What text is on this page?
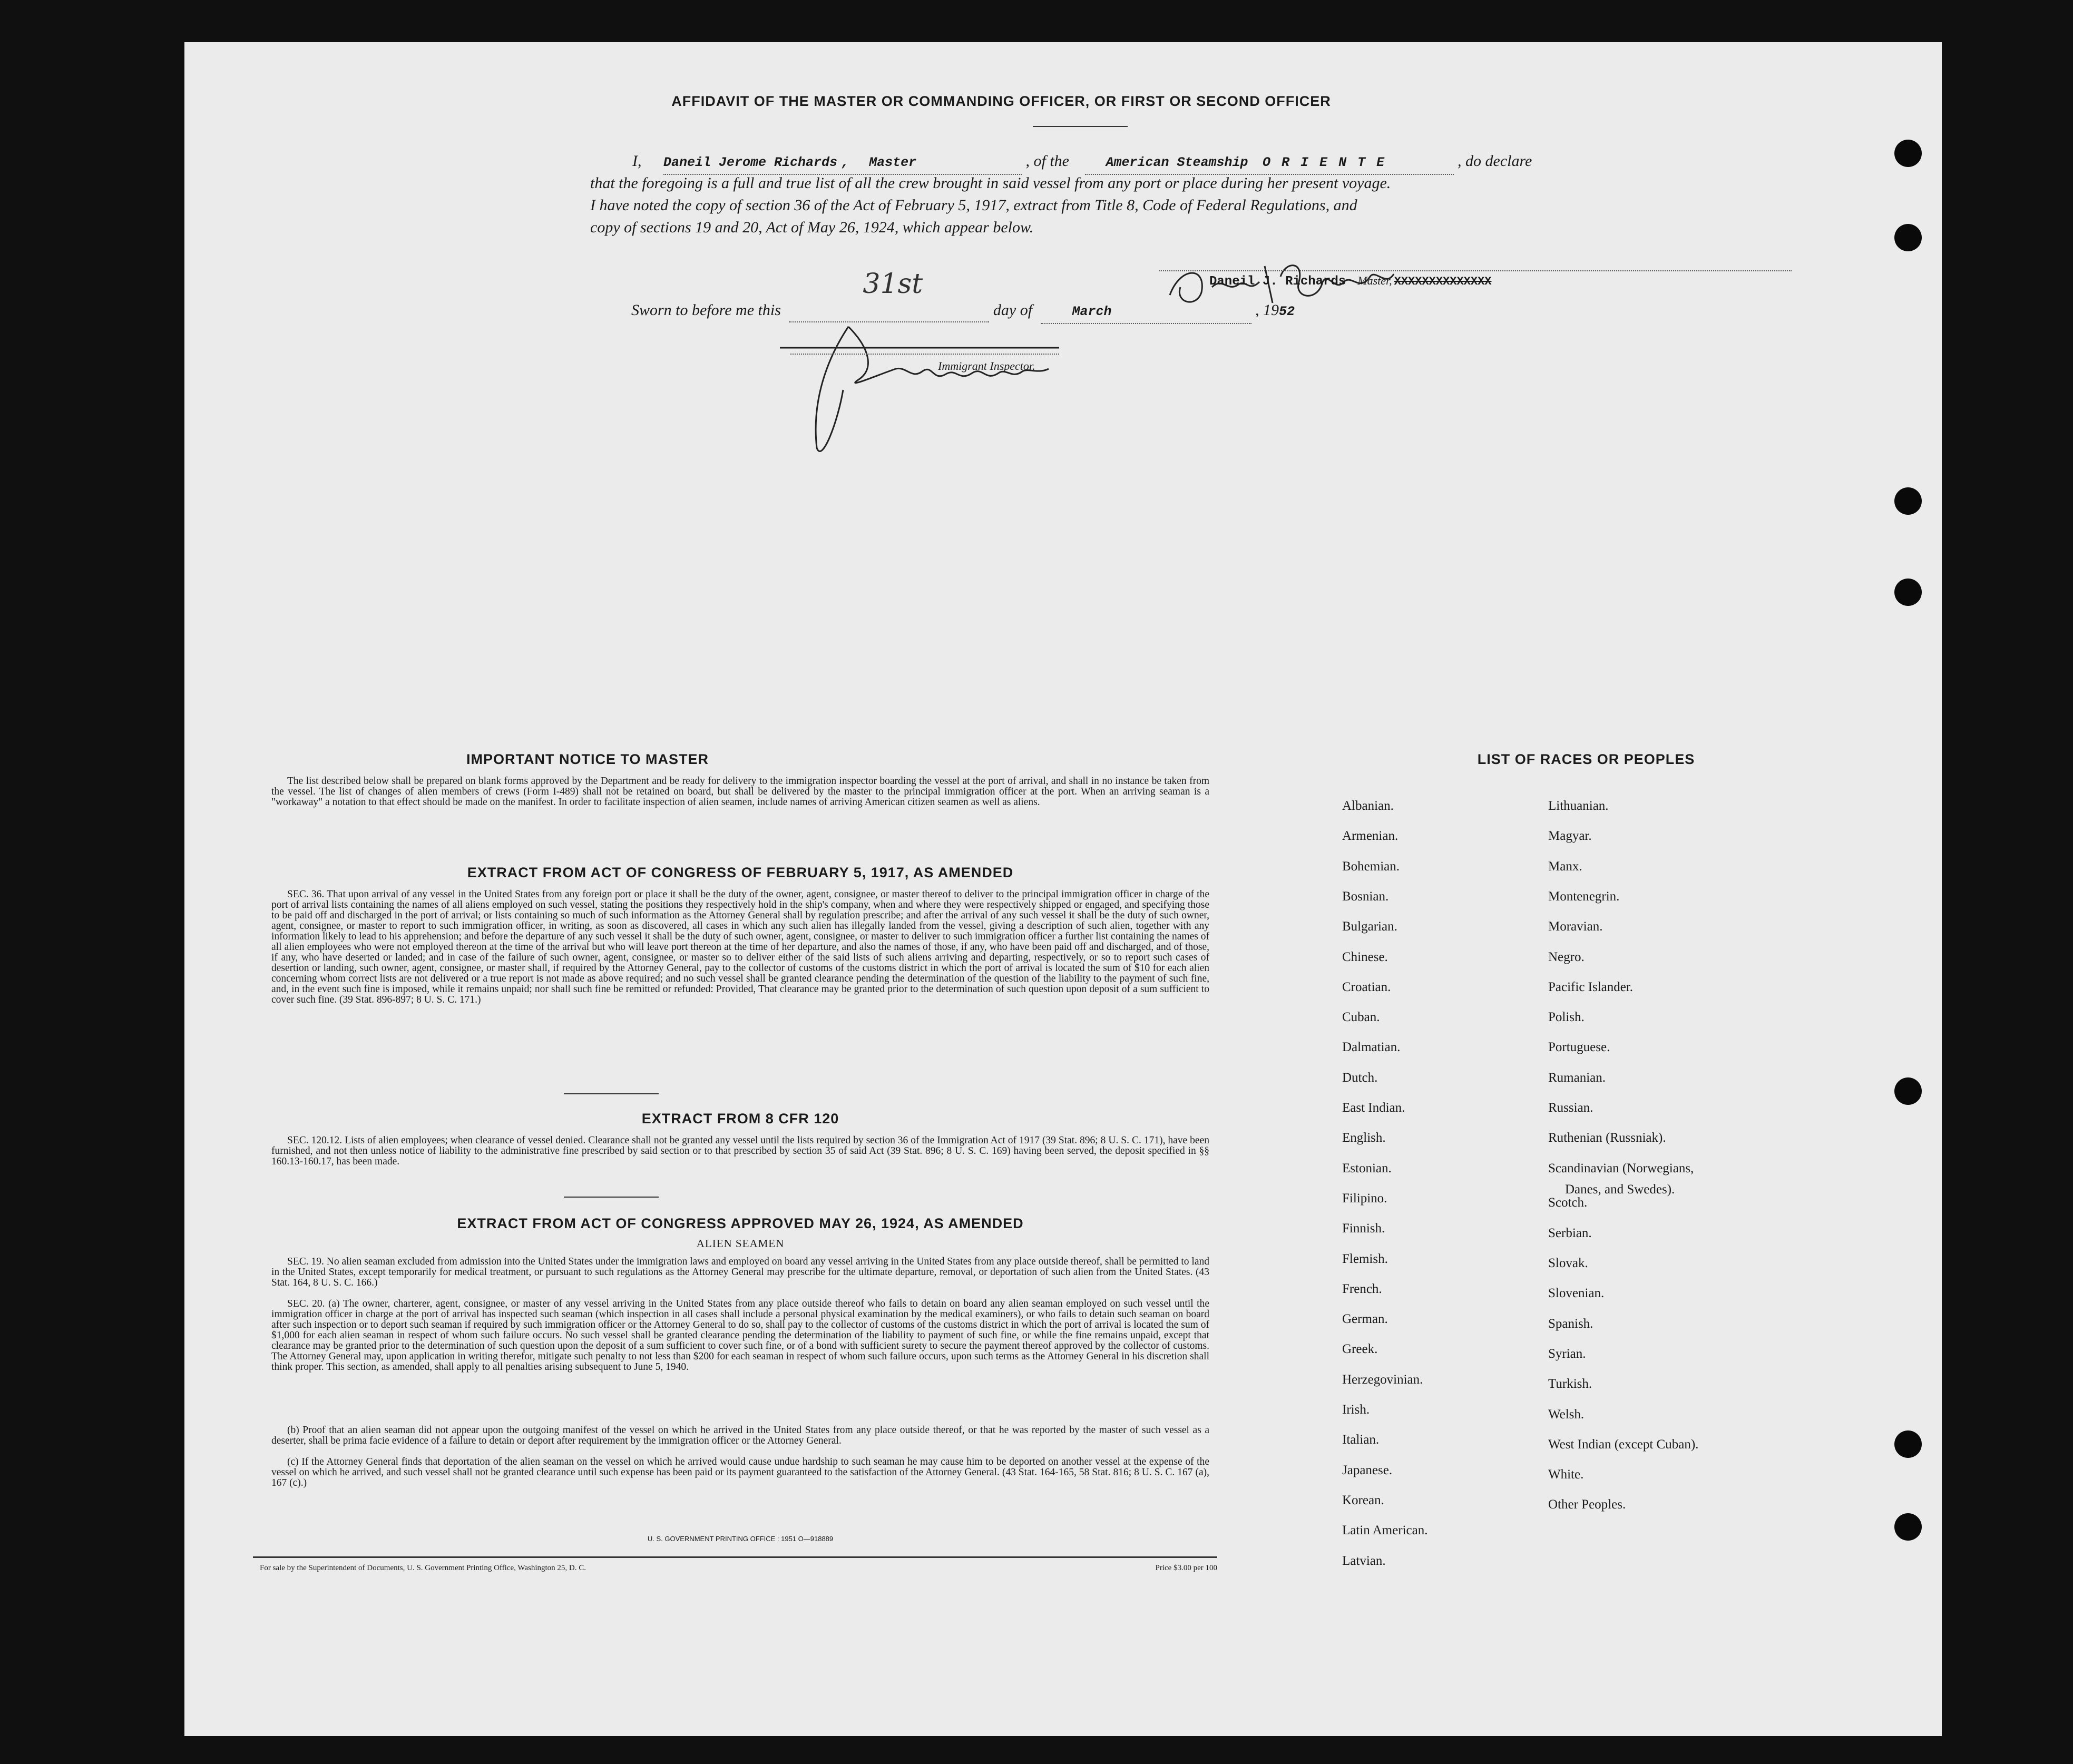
AFFIDAVIT OF THE MASTER OR COMMANDING OFFICER, OR FIRST OR SECOND OFFICER
I, Daneil Jerome Richards , Master	, of the	American Steamship O R I E N T E	, do declare
that the foregoing is a full and true list of all the crew brought in said vessel from any port or place during her present voyage.
I have noted the copy of section 36 of the Act of February 5, 1917, extract from Title 8, Code of Federal Regulations, and
copy of sections 19 and 20, Act of May 26, 1924, which appear below.
Daneil J. Richards Master, XXXXXXXXXXXXXX
Sworn to before me this
31st
day of	March	, 1952
Immigrant Inspector.
IMPORTANT NOTICE TO MASTER
The list described below shall be prepared on blank forms approved by the Department and be ready for delivery to the immigration inspector boarding the vessel at the port of arrival, and shall in no instance be taken from the vessel. The list of changes of alien members of crews (Form I-489) shall not be retained on board, but shall be delivered by the master to the principal immigration officer at the port. When an arriving seaman is a "workaway" a notation to that effect should be made on the manifest. In order to facilitate inspection of alien seamen, include names of arriving American citizen seamen as well as aliens.
EXTRACT FROM ACT OF CONGRESS OF FEBRUARY 5, 1917, AS AMENDED
SEC. 36. That upon arrival of any vessel in the United States from any foreign port or place it shall be the duty of the owner, agent, consignee, or master thereof to deliver to the principal immigration officer in charge of the port of arrival lists containing the names of all aliens employed on such vessel, stating the positions they respectively hold in the ship's company, when and where they were respectively shipped or engaged, and specifying those to be paid off and discharged in the port of arrival; or lists containing so much of such information as the Attorney General shall by regulation prescribe; and after the arrival of any such vessel it shall be the duty of such owner, agent, consignee, or master to report to such immigration officer, in writing, as soon as discovered, all cases in which any such alien has illegally landed from the vessel, giving a description of such alien, together with any information likely to lead to his apprehension; and before the departure of any such vessel it shall be the duty of such owner, agent, consignee, or master to deliver to such immigration officer a further list containing the names of all alien employees who were not employed thereon at the time of the arrival but who will leave port thereon at the time of her departure, and also the names of those, if any, who have been paid off and discharged, and of those, if any, who have deserted or landed; and in case of the failure of such owner, agent, consignee, or master so to deliver either of the said lists of such aliens arriving and departing, respectively, or so to report such cases of desertion or landing, such owner, agent, consignee, or master shall, if required by the Attorney General, pay to the collector of customs of the customs district in which the port of arrival is located the sum of $10 for each alien concerning whom correct lists are not delivered or a true report is not made as above required; and no such vessel shall be granted clearance pending the determination of the question of the liability to the payment of such fine, and, in the event such fine is imposed, while it remains unpaid; nor shall such fine be remitted or refunded: Provided, That clearance may be granted prior to the determination of such question upon deposit of a sum sufficient to cover such fine. (39 Stat. 896-897; 8 U. S. C. 171.)
EXTRACT FROM 8 CFR 120
SEC. 120.12. Lists of alien employees; when clearance of vessel denied. Clearance shall not be granted any vessel until the lists required by section 36 of the Immigration Act of 1917 (39 Stat. 896; 8 U. S. C. 171), have been furnished, and not then unless notice of liability to the administrative fine prescribed by said section or to that prescribed by section 35 of said Act (39 Stat. 896; 8 U. S. C. 169) having been served, the deposit specified in §§ 160.13-160.17, has been made.
EXTRACT FROM ACT OF CONGRESS APPROVED MAY 26, 1924, AS AMENDED
ALIEN SEAMEN
SEC. 19. No alien seaman excluded from admission into the United States under the immigration laws and employed on board any vessel arriving in the United States from any place outside thereof, shall be permitted to land in the United States, except temporarily for medical treatment, or pursuant to such regulations as the Attorney General may prescribe for the ultimate departure, removal, or deportation of such alien from the United States. (43 Stat. 164, 8 U. S. C. 166.)
SEC. 20. (a) The owner, charterer, agent, consignee, or master of any vessel arriving in the United States from any place outside thereof who fails to detain on board any alien seaman employed on such vessel until the immigration officer in charge at the port of arrival has inspected such seaman (which inspection in all cases shall include a personal physical examination by the medical examiners), or who fails to detain such seaman on board after such inspection or to deport such seaman if required by such immigration officer or the Attorney General to do so, shall pay to the collector of customs of the customs district in which the port of arrival is located the sum of $1,000 for each alien seaman in respect of whom such failure occurs. No such vessel shall be granted clearance pending the determination of the liability to payment of such fine, or while the fine remains unpaid, except that clearance may be granted prior to the determination of such question upon the deposit of a sum sufficient to cover such fine, or of a bond with sufficient surety to secure the payment thereof approved by the collector of customs. The Attorney General may, upon application in writing therefor, mitigate such penalty to not less than $200 for each seaman in respect of whom such failure occurs, upon such terms as the Attorney General in his discretion shall think proper. This section, as amended, shall apply to all penalties arising subsequent to June 5, 1940.
(b) Proof that an alien seaman did not appear upon the outgoing manifest of the vessel on which he arrived in the United States from any place outside thereof, or that he was reported by the master of such vessel as a deserter, shall be prima facie evidence of a failure to detain or deport after requirement by the immigration officer or the Attorney General.
(c) If the Attorney General finds that deportation of the alien seaman on the vessel on which he arrived would cause undue hardship to such seaman he may cause him to be deported on another vessel at the expense of the vessel on which he arrived, and such vessel shall not be granted clearance until such expense has been paid or its payment guaranteed to the satisfaction of the Attorney General. (43 Stat. 164-165, 58 Stat. 816; 8 U. S. C. 167 (a), 167 (c).)
U. S. GOVERNMENT PRINTING OFFICE : 1951 O—918889
For sale by the Superintendent of Documents, U. S. Government Printing Office, Washington 25, D. C.	Price $3.00 per 100
LIST OF RACES OR PEOPLES
Albanian.
Armenian.
Bohemian.
Bosnian.
Bulgarian.
Chinese.
Croatian.
Cuban.
Dalmatian.
Dutch.
East Indian.
English.
Estonian.
Filipino.
Finnish.
Flemish.
French.
German.
Greek.
Herzegovinian.
Irish.
Italian.
Japanese.
Korean.
Latin American.
Latvian.
Lithuanian.
Magyar.
Manx.
Montenegrin.
Moravian.
Negro.
Pacific Islander.
Polish.
Portuguese.
Rumanian.
Russian.
Ruthenian (Russniak).
Scandinavian (Norwegians,
Danes, and Swedes).
Scotch.
Serbian.
Slovak.
Slovenian.
Spanish.
Syrian.
Turkish.
Welsh.
West Indian (except Cuban).
White.
Other Peoples.
